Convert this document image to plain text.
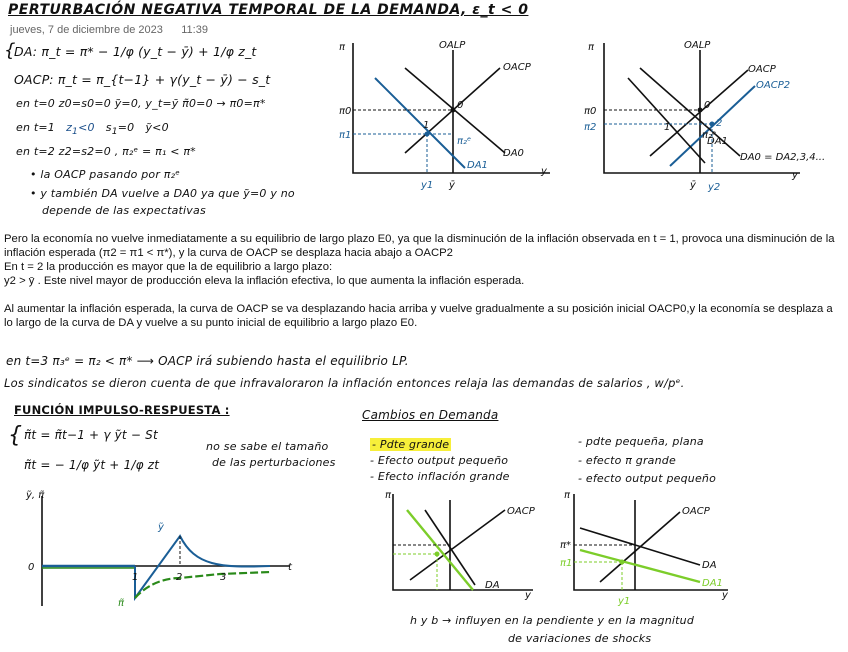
PERTURBACIÓN NEGATIVA TEMPORAL DE LA DEMANDA, ε_t < 0
jueves, 7 de diciembre de 2023 11:39
{
DA: π_t = π* − 1/φ (y_t − ȳ) + 1/φ z_t
OACP: π_t = π_{t−1} + γ(y_t − ȳ) − s_t
en t=0 z0=s0=0 ỹ=0, y_t=ȳ π̃0=0 → π0=π*
en t=1   $z_1<0$   $s_1=0$   ỹ<0
en t=2 z2=s2=0 , π₂ᵉ = π₁ < π*
• la OACP pasando por π₂ᵉ
• y también DA vuelve a DA0 ya que ỹ=0 y no
depende de las expectativas
π
y
OALP
OACP
DA0
DA1
π0
π1
π₂ᵉ
0
1
y1 ȳ
π
y
OALP
OACP
OACP2
DA0 = DA2,3,4...
DA1
π0
π2
π₂ᵉ
0
1	2
ȳ y2

Pero la economía no vuelve inmediatamente a su equilibrio de largo plazo E0, ya que la disminución de la inflación observada en t = 1, provoca una disminución de la inflación esperada (π2 = π1 < π*), y la curva de OACP se desplaza hacia abajo a OACP2

En t = 2 la producción es mayor que la de equilibrio a largo plazo:

y2 > ȳ . Este nivel mayor de producción eleva la inflación efectiva, lo que aumenta la inflación esperada.

Al aumentar la inflación esperada, la curva de OACP se va desplazando hacia arriba y vuelve gradualmente a su posición inicial OACP0,y la economía se desplaza a lo largo de la curva de DA y vuelve a su punto inicial de equilibrio a largo plazo E0.

en t=3 π₃ᵉ = π₂ < π* ⟶ OACP irá subiendo hasta el equilibrio LP.
Los sindicatos se dieron cuenta de que infravaloraron la inflación entonces relaja las demandas de salarios , w/pᵉ.
FUNCIÓN IMPULSO-RESPUESTA :
{ π̃t = π̃t−1 + γ ỹt − St
π̃t = − 1/φ ỹt + 1/φ zt
no se sabe el tamaño
de las perturbaciones
ỹ, π̃
t
0
1	2	3
ỹ
π̃
Cambios en Demanda
- Pdte grande
- Efecto output pequeño
- Efecto inflación grande
- pdte pequeña, plana
- efecto π grande
- efecto output pequeño
π
y
OACP
DA
π
y
OACP
DA
DA1
π*
π1
y1
h y b → influyen en la pendiente y en la magnitud
de variaciones de shocks
